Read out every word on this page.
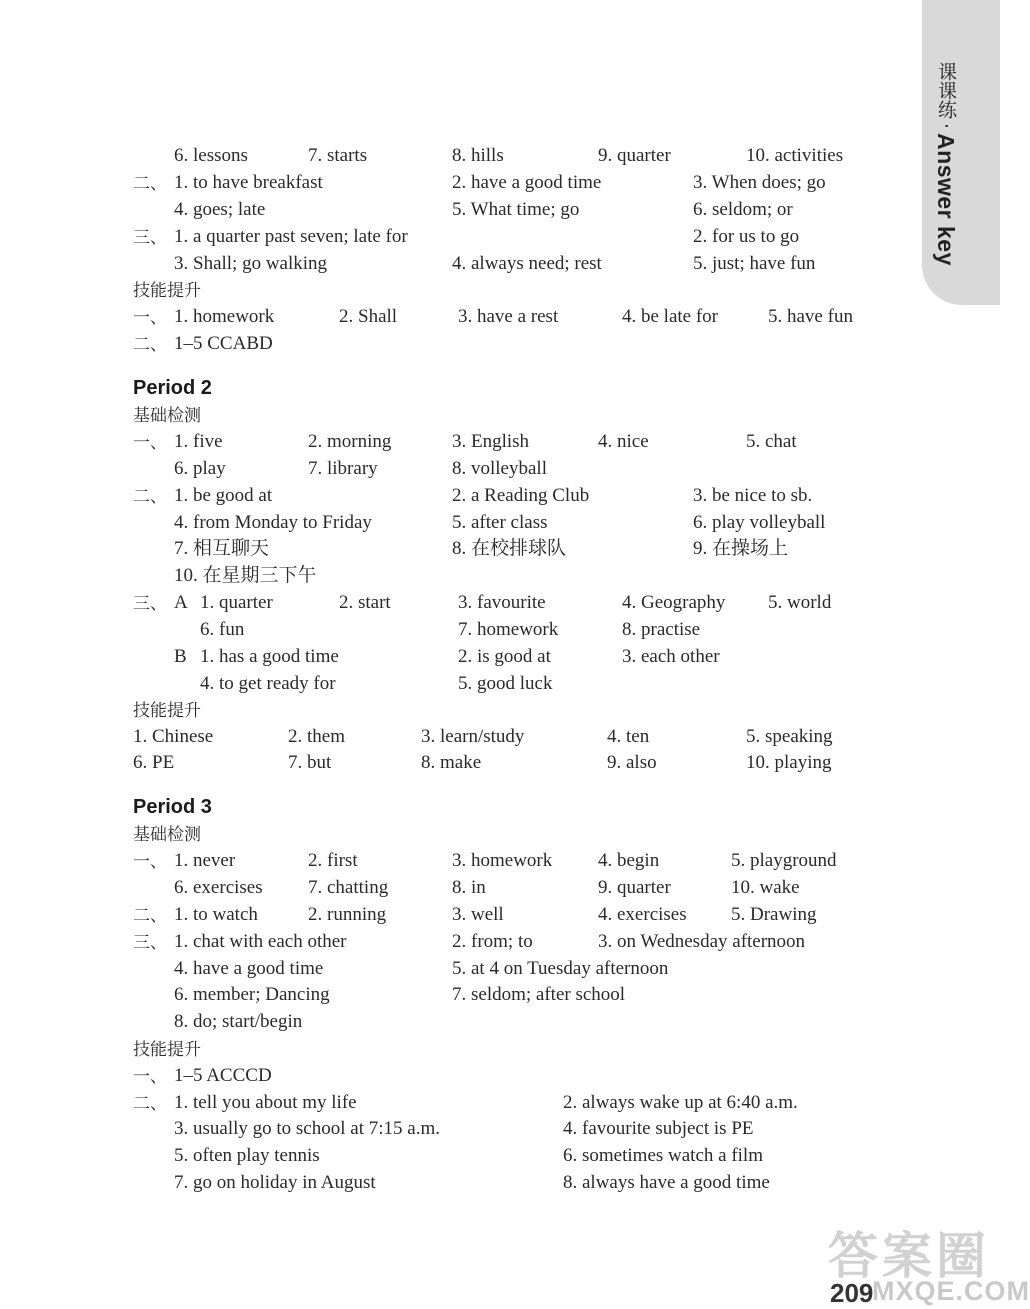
课课练·Answer key
6. lessons	7. starts	8. hills	9. quarter	10. activities
二、 1. to have breakfast	2. have a good time	3. When does; go
4. goes; late	5. What time; go	6. seldom; or
三、 1. a quarter past seven; late for	2. for us to go
3. Shall; go walking	4. always need; rest	5. just; have fun
技能提升
一、 1. homework	2. Shall	3. have a rest	4. be late for	5. have fun
二、 1–5 CCABD
Period 2
基础检测
一、 1. five	2. morning	3. English	4. nice	5. chat
6. play	7. library	8. volleyball
二、 1. be good at	2. a Reading Club	3. be nice to sb.
4. from Monday to Friday	5. after class	6. play volleyball
7. 相互聊天	8. 在校排球队	9. 在操场上
10. 在星期三下午
三、 A 1. quarter	2. start	3. favourite	4. Geography 5. world
6. fun	7. homework	8. practise
B 1. has a good time	2. is good at	3. each other
4. to get ready for	5. good luck
技能提升
1. Chinese	2. them	3. learn/study	4. ten	5. speaking
6. PE	7. but	8. make	9. also	10. playing
Period 3
基础检测
一、 1. never	2. first	3. homework 4. begin	5. playground
6. exercises 7. chatting	8. in	9. quarter	10. wake
二、 1. to watch	2. running	3. well	4. exercises 5. Drawing
三、 1. chat with each other	2. from; to	3. on Wednesday afternoon
4. have a good time	5. at 4 on Tuesday afternoon
6. member; Dancing	7. seldom; after school
8. do; start/begin
技能提升
一、 1–5 ACCCD
二、 1. tell you about my life	2. always wake up at 6:40 a.m.
3. usually go to school at 7:15 a.m.	4. favourite subject is PE
5. often play tennis	6. sometimes watch a film
7. go on holiday in August	8. always have a good time
209
答案圈
MXQE.COM
